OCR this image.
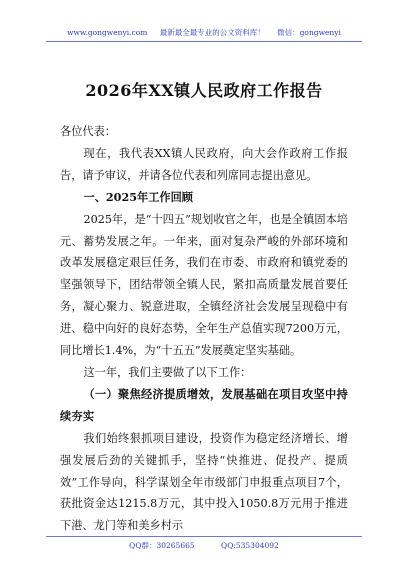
www.gongwenyi.com 最新最全最专业的公文资料库！ 微信：gongwenyi
2026年XX镇人民政府工作报告

各位代表：

现在，我代表XX镇人民政府，向大会作政府工作报告，请予审议，并请各位代表和列席同志提出意见。

一、2025年工作回顾

2025年，是“十四五”规划收官之年，也是全镇固本培元、蓄势发展之年。一年来，面对复杂严峻的外部环境和改革发展稳定艰巨任务，我们在市委、市政府和镇党委的坚强领导下，团结带领全镇人民，紧扣高质量发展首要任务，凝心聚力、锐意进取，全镇经济社会发展呈现稳中有进、稳中向好的良好态势，全年生产总值实现7200万元，同比增长1.4%，为“十五五”发展奠定坚实基础。

这一年，我们主要做了以下工作：

（一）聚焦经济提质增效，发展基础在项目攻坚中持续夯实

我们始终狠抓项目建设，投资作为稳定经济增长、增强发展后劲的关键抓手，坚持“快推进、促投产、提质效”工作导向，科学谋划全年市级部门申报重点项目7个，获批资金达1215.8万元，其中投入1050.8万元用于推进下港、龙门等和美乡村示

QQ群：30265665	QQ:535304092
